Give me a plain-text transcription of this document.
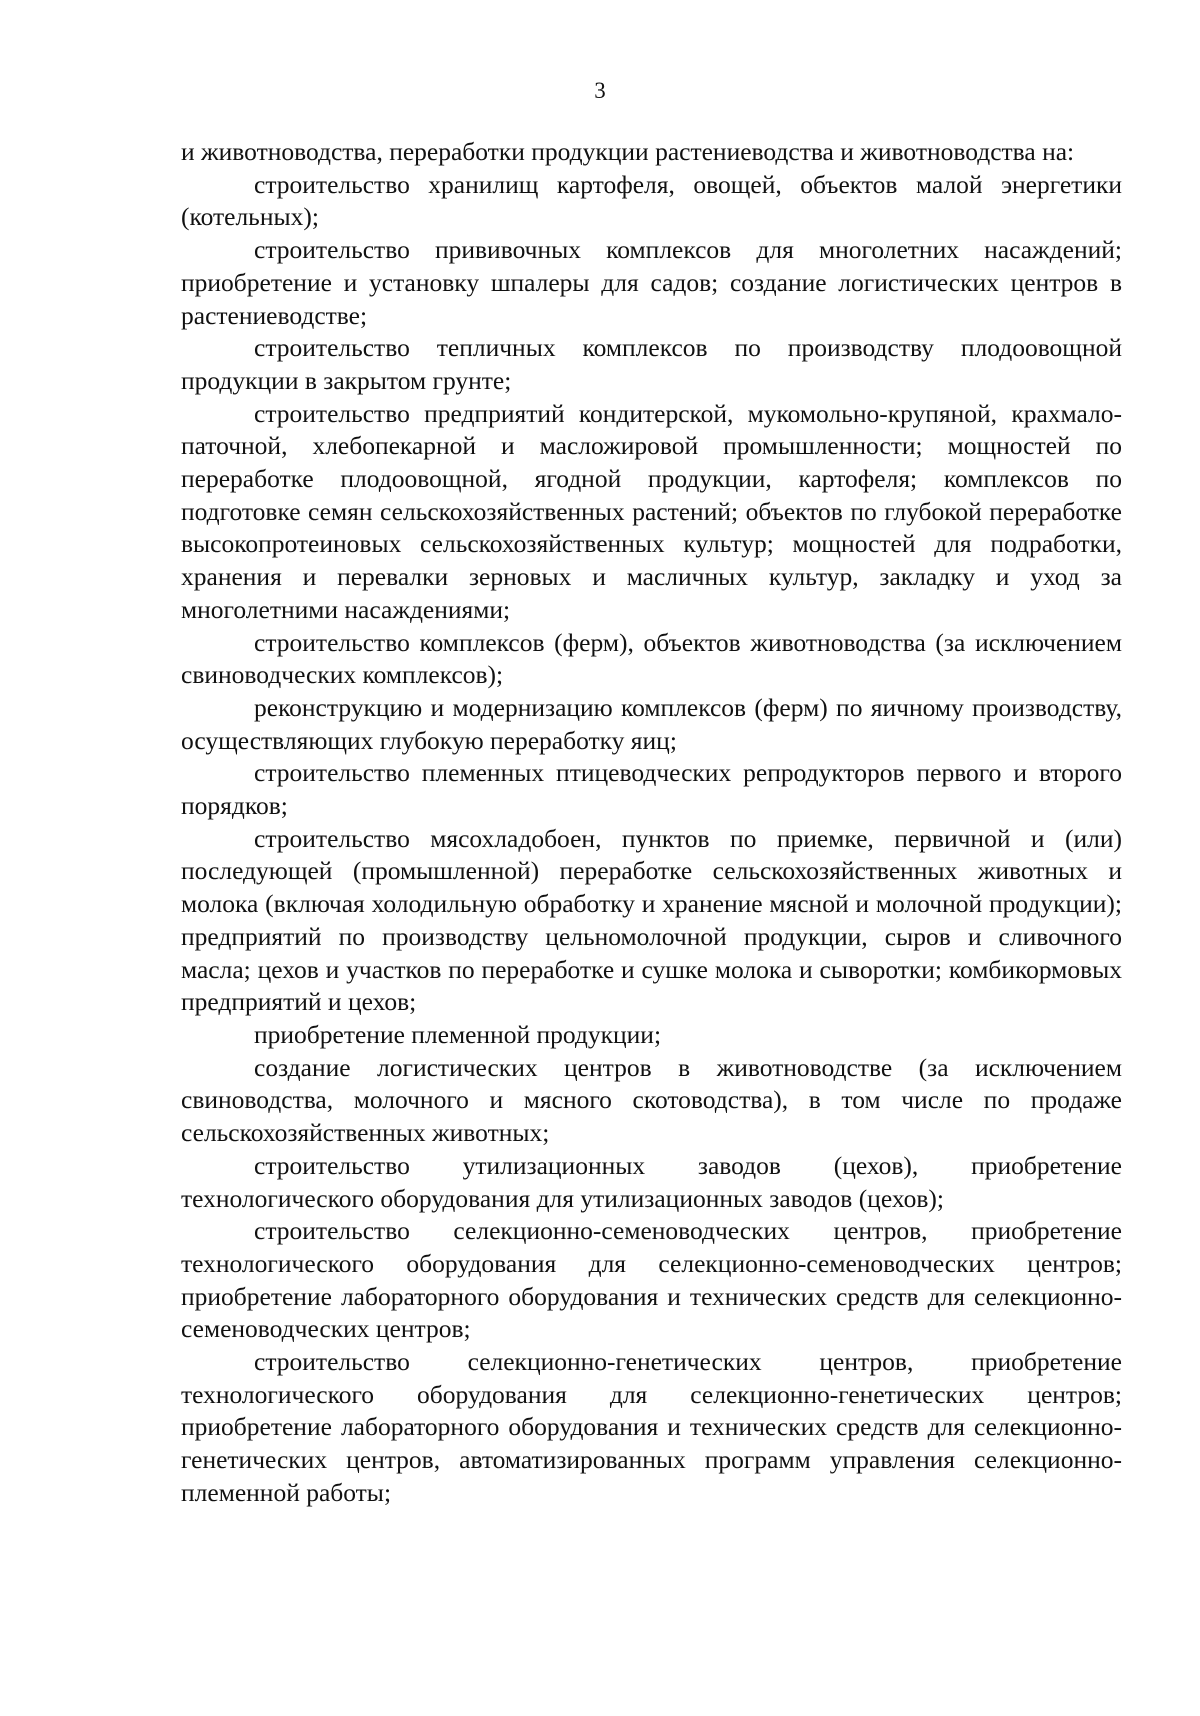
3

и животноводства, переработки продукции растениеводства и животноводства на:

строительство хранилищ картофеля, овощей, объектов малой энергетики (котельных);

строительство прививочных комплексов для многолетних насаждений; приобретение и установку шпалеры для садов; создание логистических центров в растениеводстве;

строительство тепличных комплексов по производству плодоовощной продукции в закрытом грунте;

строительство предприятий кондитерской, мукомольно-крупяной, крахмало-паточной, хлебопекарной и масложировой промышленности; мощностей по переработке плодоовощной, ягодной продукции, картофеля; комплексов по подготовке семян сельскохозяйственных растений; объектов по глубокой переработке высокопротеиновых сельскохозяйственных культур; мощностей для подработки, хранения и перевалки зерновых и масличных культур, закладку и уход за многолетними насаждениями;

строительство комплексов (ферм), объектов животноводства (за исключением свиноводческих комплексов);

реконструкцию и модернизацию комплексов (ферм) по яичному производству, осуществляющих глубокую переработку яиц;

строительство племенных птицеводческих репродукторов первого и второго порядков;

строительство мясохладобоен, пунктов по приемке, первичной и (или) последующей (промышленной) переработке сельскохозяйственных животных и молока (включая холодильную обработку и хранение мясной и молочной продукции); предприятий по производству цельномолочной продукции, сыров и сливочного масла; цехов и участков по переработке и сушке молока и сыворотки; комбикормовых предприятий и цехов;

приобретение племенной продукции;

создание логистических центров в животноводстве (за исключением свиноводства, молочного и мясного скотоводства), в том числе по продаже сельскохозяйственных животных;

строительство утилизационных заводов (цехов), приобретение технологического оборудования для утилизационных заводов (цехов);

строительство селекционно-семеноводческих центров, приобретение технологического оборудования для селекционно-семеноводческих центров; приобретение лабораторного оборудования и технических средств для селекционно-семеноводческих центров;

строительство селекционно-генетических центров, приобретение технологического оборудования для селекционно-генетических центров; приобретение лабораторного оборудования и технических средств для селекционно-генетических центров, автоматизированных программ управления селекционно-племенной работы;
